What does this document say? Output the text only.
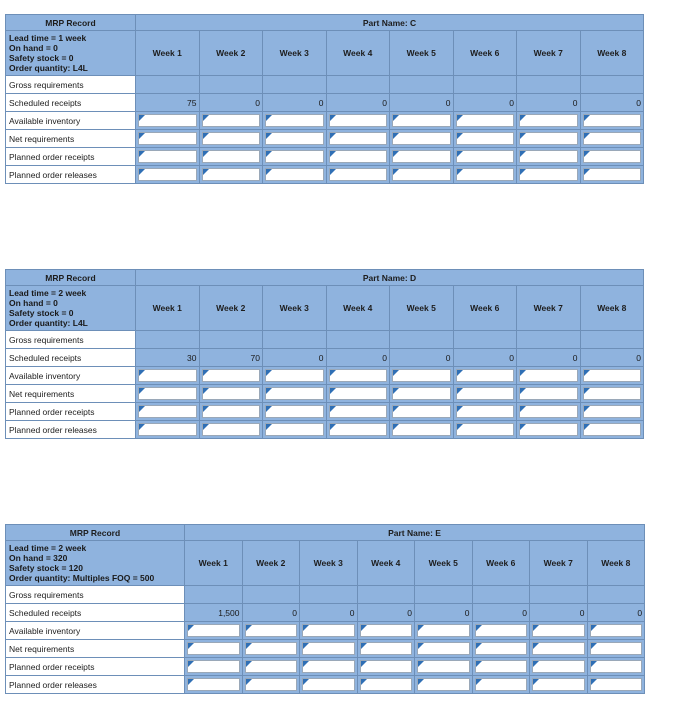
MRP Record	Part Name: C							

Lead time = 1 week
On hand = 0
Safety stock = 0
Order quantity: L4L	Week 1	Week 2	Week 3	Week 4	Week 5	Week 6	Week 7	Week 8
Gross requirements								
Scheduled receipts	75	0	0	0	0	0	0	0
Available inventory	

Net requirements	

Planned order receipts	

Planned order releases	

MRP Record	Part Name: D							

Lead time = 2 week
On hand = 0
Safety stock = 0
Order quantity: L4L	Week 1	Week 2	Week 3	Week 4	Week 5	Week 6	Week 7	Week 8
Gross requirements								
Scheduled receipts	30	70	0	0	0	0	0	0
Available inventory	

Net requirements	

Planned order receipts	

Planned order releases	

MRP Record	Part Name: E							

Lead time = 2 week
On hand = 320
Safety stock = 120
Order quantity: Multiples FOQ = 500	Week 1	Week 2	Week 3	Week 4	Week 5	Week 6	Week 7	Week 8
Gross requirements								
Scheduled receipts	1,500	0	0	0	0	0	0	0
Available inventory	

Net requirements	

Planned order receipts	

Planned order releases	
